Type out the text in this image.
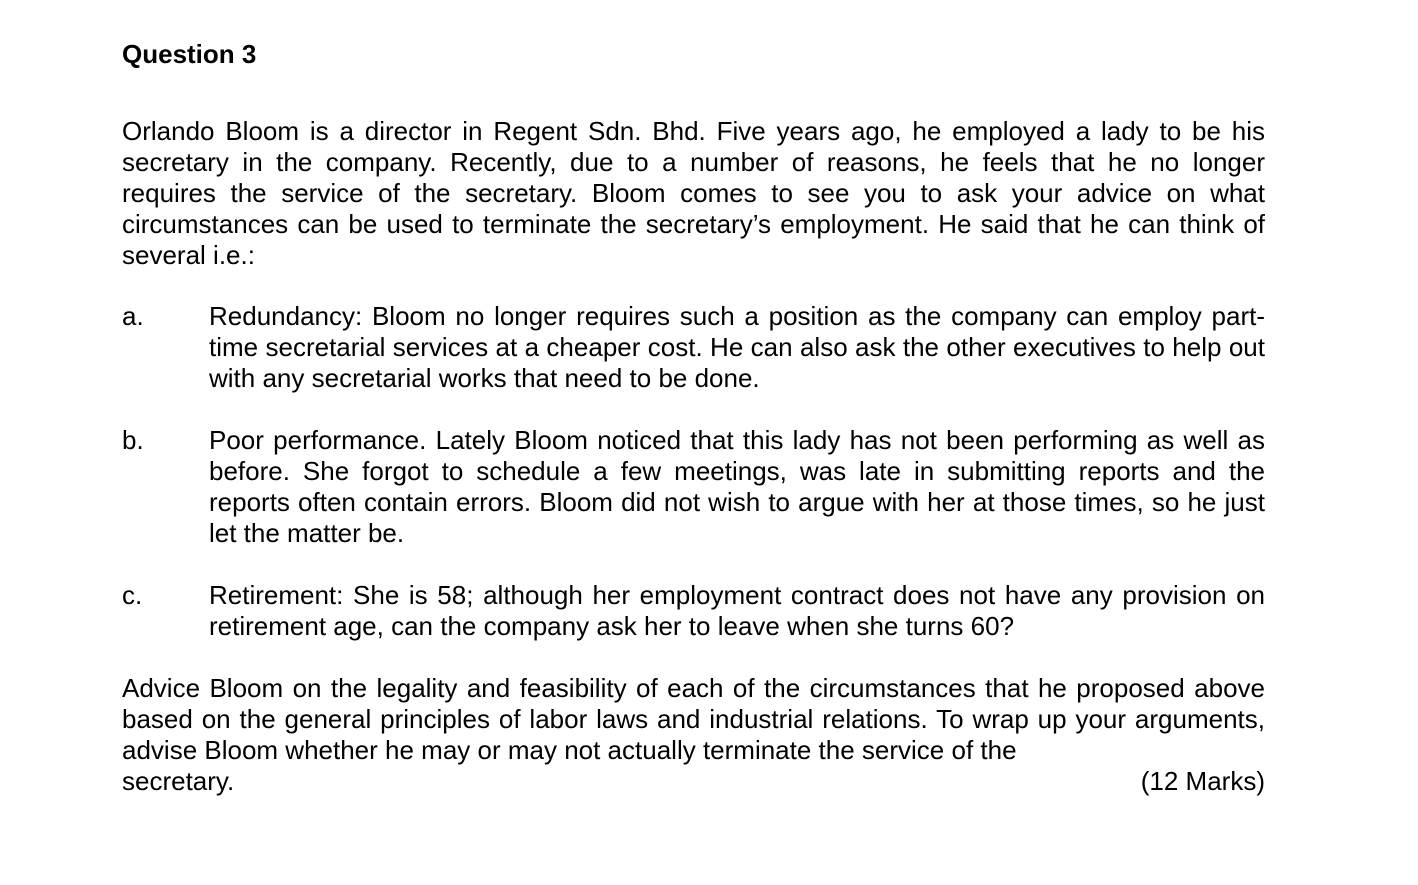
Question 3

Orlando Bloom is a director in Regent Sdn. Bhd. Five years ago, he employed a lady to be his secretary in the company. Recently, due to a number of reasons, he feels that he no longer requires the service of the secretary. Bloom comes to see you to ask your advice on what circumstances can be used to terminate the secretary’s employment. He said that he can think of several i.e.:

a.	Redundancy: Bloom no longer requires such a position as the company can employ part-time secretarial services at a cheaper cost. He can also ask the other executives to help out with any secretarial works that need to be done.
b.	Poor performance. Lately Bloom noticed that this lady has not been performing as well as before. She forgot to schedule a few meetings, was late in submitting reports and the reports often contain errors. Bloom did not wish to argue with her at those times, so he just let the matter be.
c.	Retirement: She is 58; although her employment contract does not have any provision on retirement age, can the company ask her to leave when she turns 60?

Advice Bloom on the legality and feasibility of each of the circumstances that he proposed above based on the general principles of labor laws and industrial relations. To wrap up your arguments, advise Bloom whether he may or may not actually terminate the service of the

secretary.	(12 Marks)
